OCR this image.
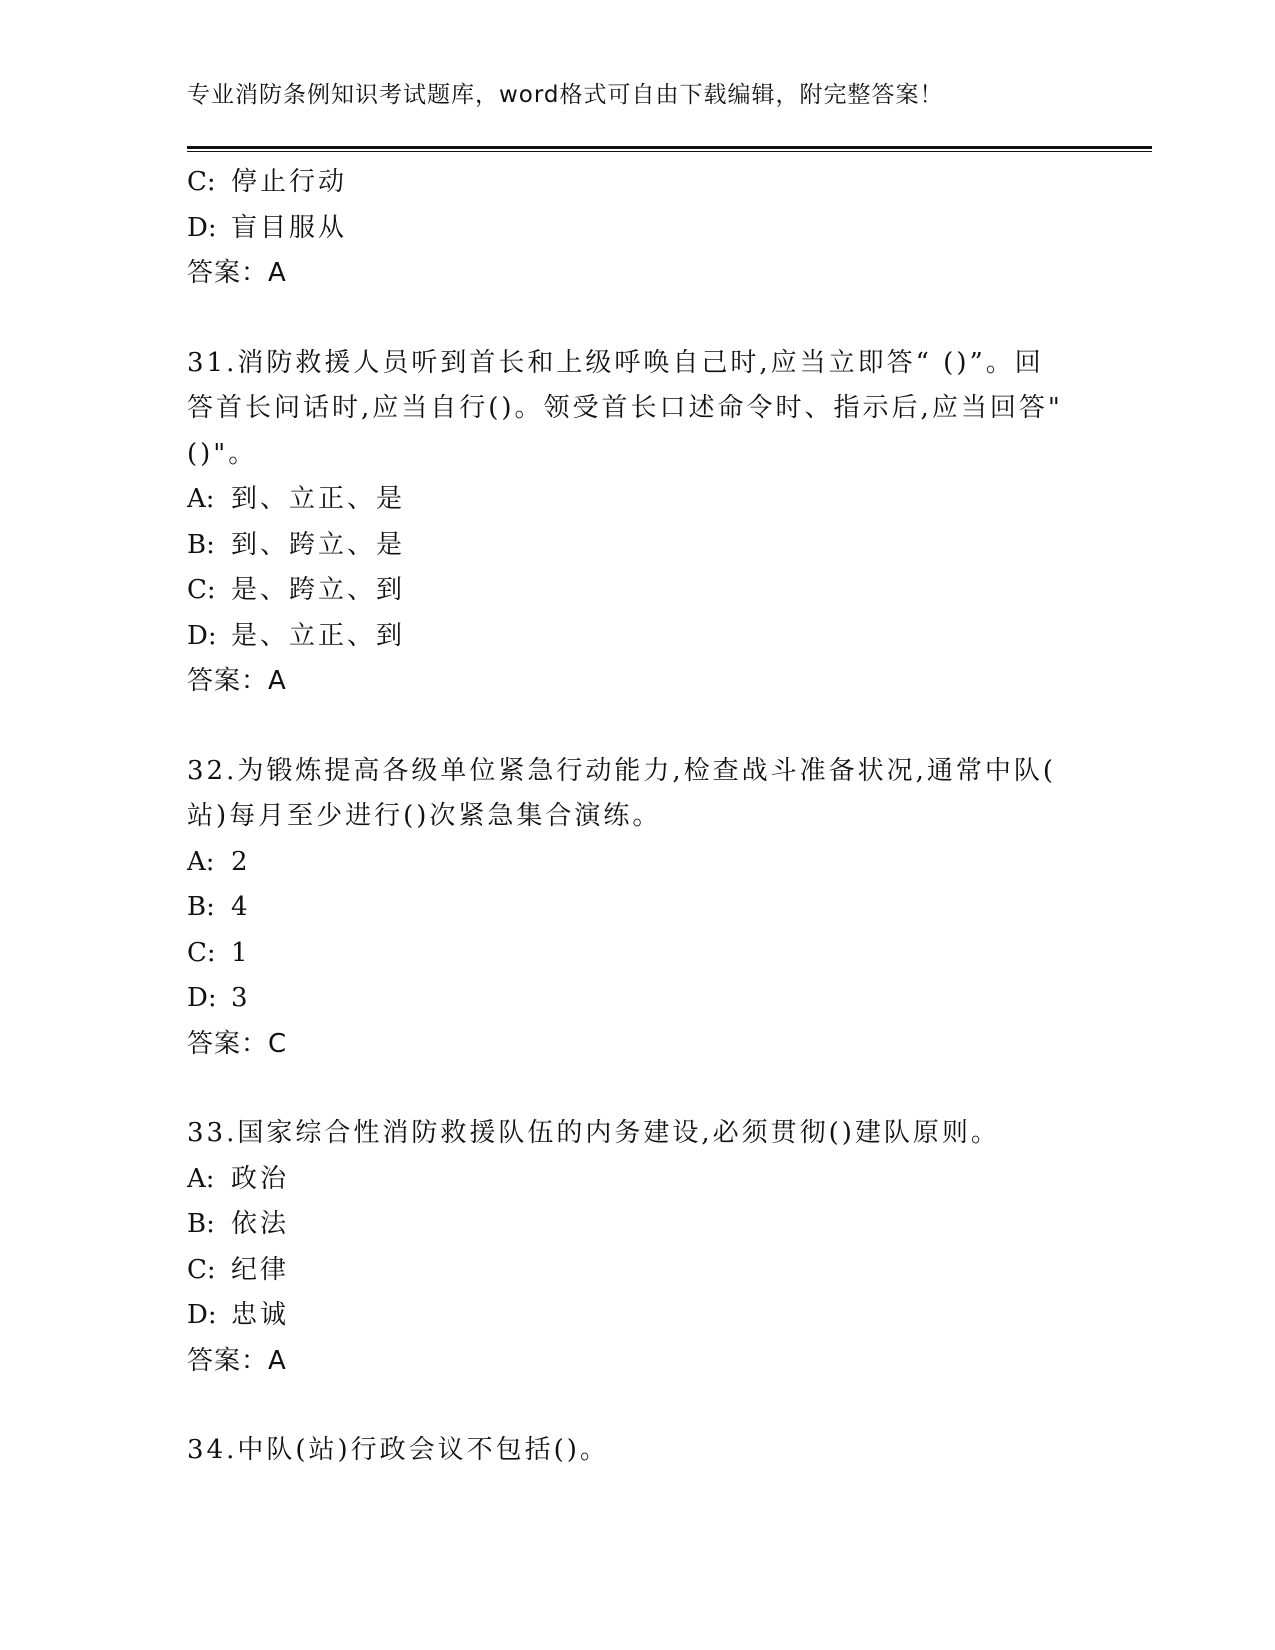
专业消防条例知识考试题库，word格式可自由下载编辑，附完整答案！
C: 停止行动
D: 盲目服从
答案：A
31.消防救援人员听到首长和上级呼唤自己时,应当立即答“ ()”。回
答首长问话时,应当自行()。领受首长口述命令时、指示后,应当回答"
()"。
A: 到、立正、是
B: 到、跨立、是
C: 是、跨立、到
D: 是、立正、到
答案：A
32.为锻炼提高各级单位紧急行动能力,检查战斗准备状况,通常中队(
站)每月至少进行()次紧急集合演练。
A: 2
B: 4
C: 1
D: 3
答案：C
33.国家综合性消防救援队伍的内务建设,必须贯彻()建队原则。
A: 政治
B: 依法
C: 纪律
D: 忠诚
答案：A
34.中队(站)行政会议不包括()。
